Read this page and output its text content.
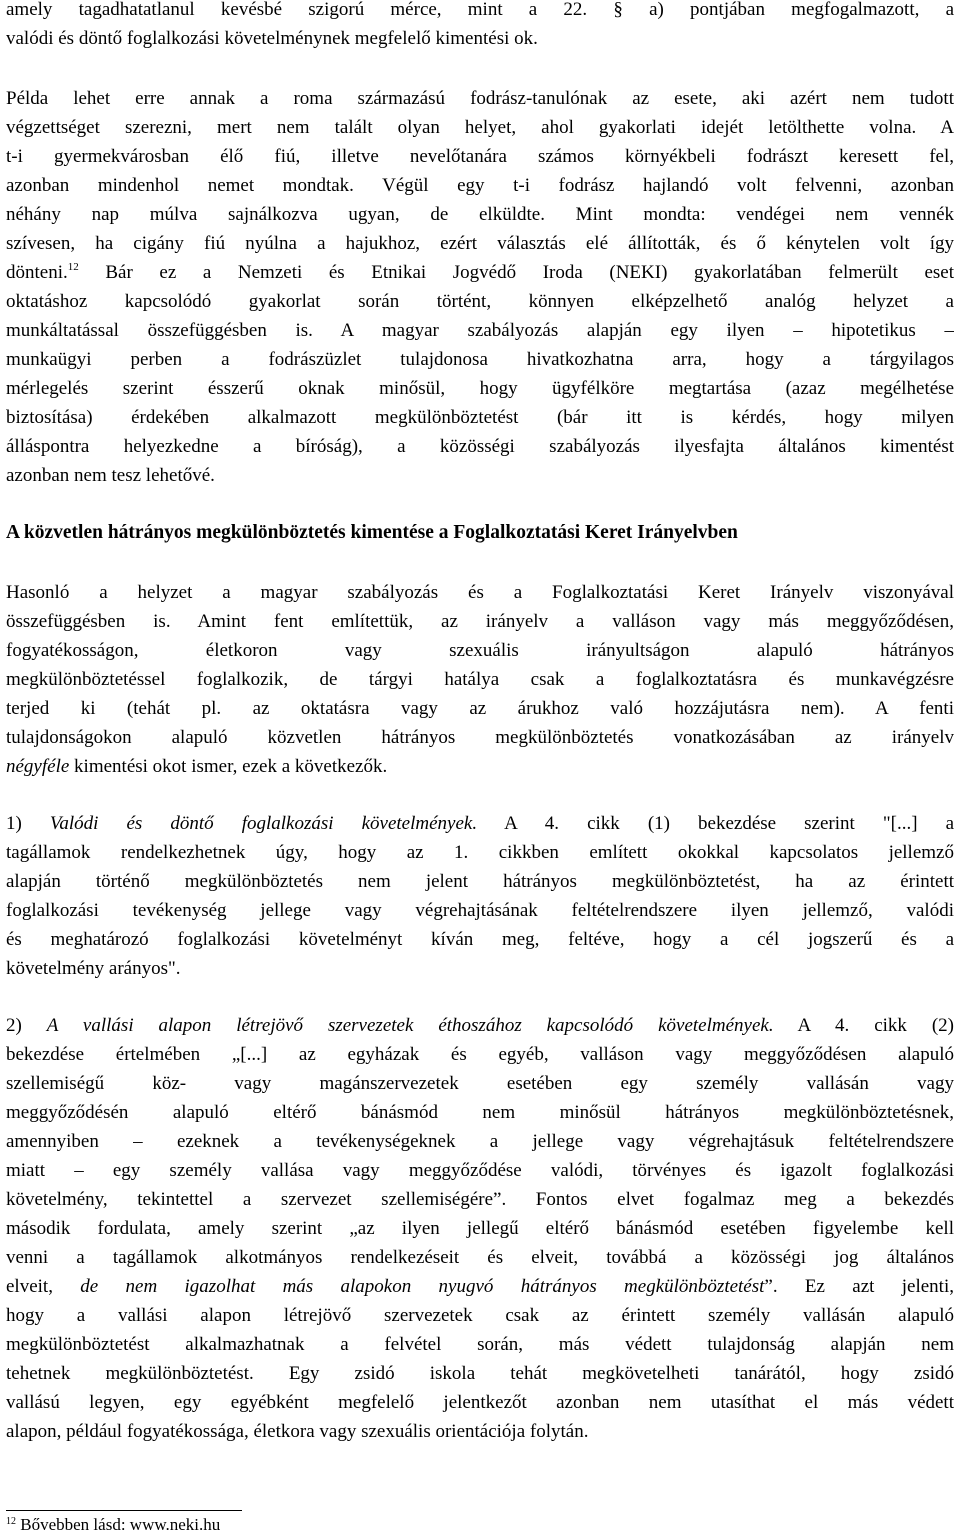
amely tagadhatatlanul kevésbé szigorú mérce, mint a 22. § a) pontjában megfogalmazott, a
valódi és döntő foglalkozási követelménynek megfelelő kimentési ok.
Példa lehet erre annak a roma származású fodrász-tanulónak az esete, aki azért nem tudott
végzettséget szerezni, mert nem talált olyan helyet, ahol gyakorlati idejét letölthette volna. A
t-i gyermekvárosban élő fiú, illetve nevelőtanára számos környékbeli fodrászt keresett fel,
azonban mindenhol nemet mondtak. Végül egy t-i fodrász hajlandó volt felvenni, azonban
néhány nap múlva sajnálkozva ugyan, de elküldte. Mint mondta: vendégei nem vennék
szívesen, ha cigány fiú nyúlna a hajukhoz, ezért választás elé állították, és ő kénytelen volt így
dönteni.$^{12}$ Bár ez a Nemzeti és Etnikai Jogvédő Iroda (NEKI) gyakorlatában felmerült eset
oktatáshoz kapcsolódó gyakorlat során történt, könnyen elképzelhető analóg helyzet a
munkáltatással összefüggésben is. A magyar szabályozás alapján egy ilyen – hipotetikus –
munkaügyi perben a fodrászüzlet tulajdonosa hivatkozhatna arra, hogy a tárgyilagos
mérlegelés szerint ésszerű oknak minősül, hogy ügyfélköre megtartása (azaz megélhetése
biztosítása) érdekében alkalmazott megkülönböztetést (bár itt is kérdés, hogy milyen
álláspontra helyezkedne a bíróság), a közösségi szabályozás ilyesfajta általános kimentést
azonban nem tesz lehetővé.
A közvetlen hátrányos megkülönböztetés kimentése a Foglalkoztatási Keret Irányelvben
Hasonló a helyzet a magyar szabályozás és a Foglalkoztatási Keret Irányelv viszonyával
összefüggésben is. Amint fent említettük, az irányelv a valláson vagy más meggyőződésen,
fogyatékosságon, életkoron vagy szexuális irányultságon alapuló hátrányos
megkülönböztetéssel foglalkozik, de tárgyi hatálya csak a foglalkoztatásra és munkavégzésre
terjed ki (tehát pl. az oktatásra vagy az árukhoz való hozzájutásra nem). A fenti
tulajdonságokon alapuló közvetlen hátrányos megkülönböztetés vonatkozásában az irányelv
négyféle kimentési okot ismer, ezek a következők.
1) Valódi és döntő foglalkozási követelmények. A 4. cikk (1) bekezdése szerint "[...] a
tagállamok rendelkezhetnek úgy, hogy az 1. cikkben említett okokkal kapcsolatos jellemző
alapján történő megkülönböztetés nem jelent hátrányos megkülönböztetést, ha az érintett
foglalkozási tevékenység jellege vagy végrehajtásának feltételrendszere ilyen jellemző, valódi
és meghatározó foglalkozási követelményt kíván meg, feltéve, hogy a cél jogszerű és a
követelmény arányos".
2) A vallási alapon létrejövő szervezetek éthoszához kapcsolódó követelmények. A 4. cikk (2)
bekezdése értelmében „[...] az egyházak és egyéb, valláson vagy meggyőződésen alapuló
szellemiségű köz- vagy magánszervezetek esetében egy személy vallásán vagy
meggyőződésén alapuló eltérő bánásmód nem minősül hátrányos megkülönböztetésnek,
amennyiben – ezeknek a tevékenységeknek a jellege vagy végrehajtásuk feltételrendszere
miatt – egy személy vallása vagy meggyőződése valódi, törvényes és igazolt foglalkozási
követelmény, tekintettel a szervezet szellemiségére”. Fontos elvet fogalmaz meg a bekezdés
második fordulata, amely szerint „az ilyen jellegű eltérő bánásmód esetében figyelembe kell
venni a tagállamok alkotmányos rendelkezéseit és elveit, továbbá a közösségi jog általános
elveit, de nem igazolhat más alapokon nyugvó hátrányos megkülönböztetést”. Ez azt jelenti,
hogy a vallási alapon létrejövő szervezetek csak az érintett személy vallásán alapuló
megkülönböztetést alkalmazhatnak a felvétel során, más védett tulajdonság alapján nem
tehetnek megkülönböztetést. Egy zsidó iskola tehát megkövetelheti tanárától, hogy zsidó
vallású legyen, egy egyébként megfelelő jelentkezőt azonban nem utasíthat el más védett
alapon, például fogyatékossága, életkora vagy szexuális orientációja folytán.
$^{12}$ Bővebben lásd: www.neki.hu
